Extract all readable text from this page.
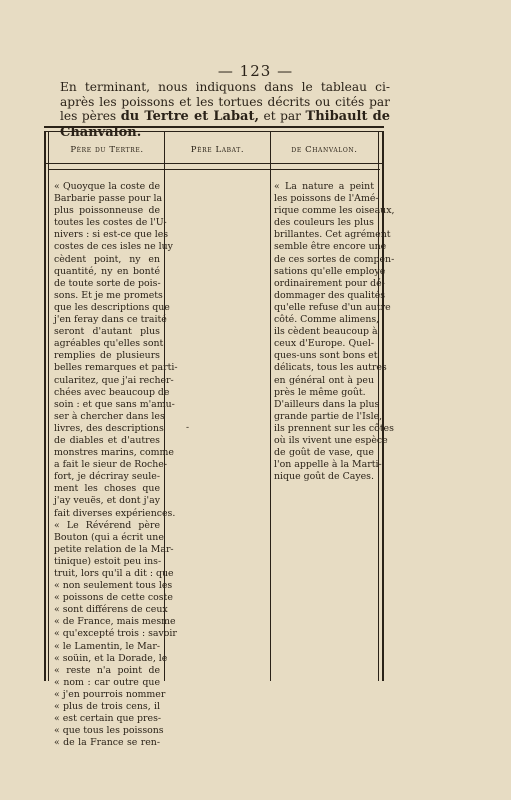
— 123 —
En terminant, nous indiquons dans le tableau ci-après les poissons et les tortues décrits ou cités par les pères du Tertre et Labat, et par Thibault de Chanvalon.
Père du Tertre.	Père Labat.	de Chanvalon.
« Quoyque la coste de
Barbarie passe pour la
plus poissonneuse de
toutes les costes de l'U-
nivers : si est-ce que les
costes de ces isles ne luy
cèdent point, ny en
quantité, ny en bonté
de toute sorte de pois-
sons. Et je me promets
que les descriptions que
j'en feray dans ce traité
seront d'autant plus
agréables qu'elles sont
remplies de plusieurs
belles remarques et parti-
cularitez, que j'ai recher-
chées avec beaucoup de
soin : et que sans m'amu-
ser à chercher dans les
livres, des descriptions
de diables et d'autres
monstres marins, comme
a fait le sieur de Roche-
fort, je décriray seule-
ment les choses que
j'ay veuës, et dont j'ay
fait diverses expériences.
« Le Révérend père
Bouton (qui a écrit une
petite relation de la Mar-
tinique) estoit peu ins-
truit, lors qu'il a dit : que
« non seulement tous les
« poissons de cette coste
« sont différens de ceux
« de France, mais mesme
« qu'excepté trois : savoir
« le Lamentin, le Mar-
« soüin, et la Dorade, le
« reste n'a point de
« nom : car outre que
« j'en pourrois nommer
« plus de trois cens, il
« est certain que pres-
« que tous les poissons
« de la France se ren-
-
« La nature a peint
les poissons de l'Amé-
rique comme les oiseaux,
des couleurs les plus
brillantes. Cet agrément
semble être encore une
de ces sortes de compen-
sations qu'elle employe
ordinairement pour dé-
dommager des qualités
qu'elle refuse d'un autre
côté. Comme alimens,
ils cèdent beaucoup à
ceux d'Europe. Quel-
ques-uns sont bons et
délicats, tous les autres
en général ont à peu
près le même goût.
D'ailleurs dans la plus
grande partie de l'Isle,
ils prennent sur les côtes
où ils vivent une espèce
de goût de vase, que
l'on appelle à la Marti-
nique goût de Cayes.
